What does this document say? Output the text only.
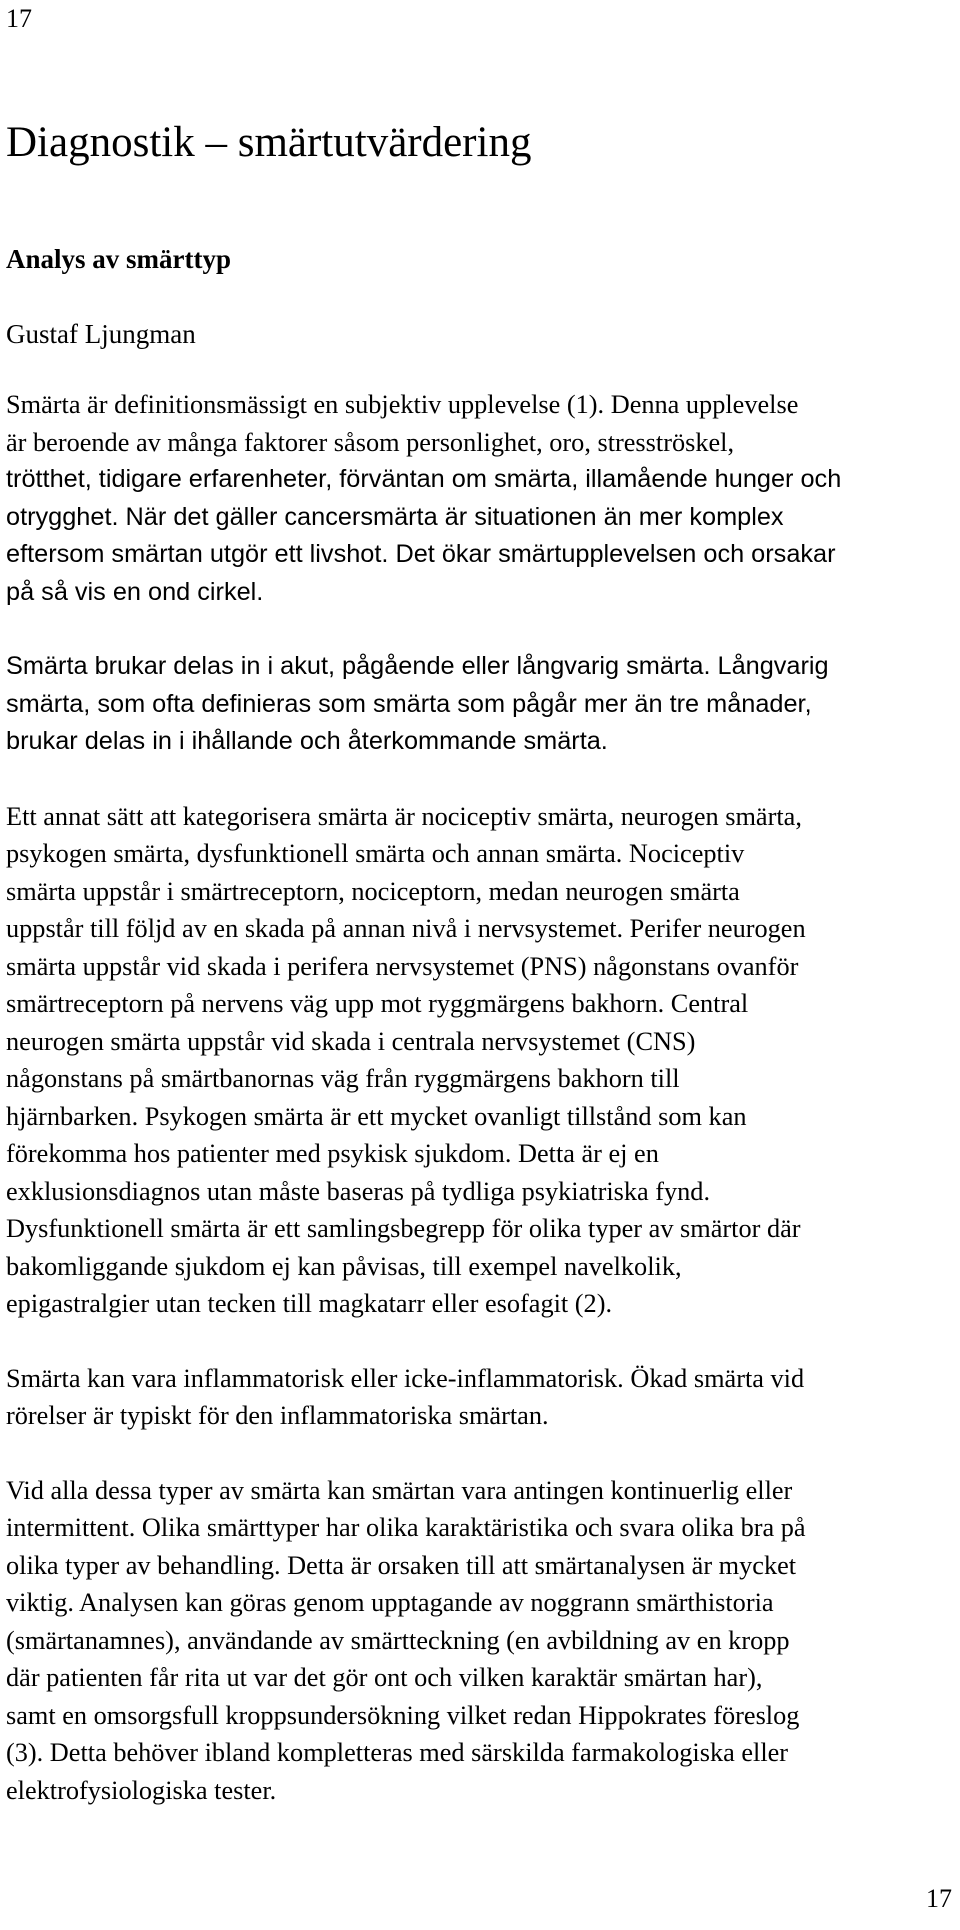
17
Diagnostik – smärtutvärdering
Analys av smärttyp
Gustaf Ljungman

Smärta är definitionsmässigt en subjektiv upplevelse (1). Denna upplevelse
är beroende av många faktorer såsom personlighet, oro, stresströskel,
trötthet, tidigare erfarenheter, förväntan om smärta, illamående hunger och
otrygghet. När det gäller cancersmärta är situationen än mer komplex
eftersom smärtan utgör ett livshot. Det ökar smärtupplevelsen och orsakar
på så vis en ond cirkel.

Smärta brukar delas in i akut, pågående eller långvarig smärta. Långvarig
smärta, som ofta definieras som smärta som pågår mer än tre månader,
brukar delas in i ihållande och återkommande smärta.

Ett annat sätt att kategorisera smärta är nociceptiv smärta, neurogen smärta,
psykogen smärta, dysfunktionell smärta och annan smärta. Nociceptiv
smärta uppstår i smärtreceptorn, nociceptorn, medan neurogen smärta
uppstår till följd av en skada på annan nivå i nervsystemet. Perifer neurogen
smärta uppstår vid skada i perifera nervsystemet (PNS) någonstans ovanför
smärtreceptorn på nervens väg upp mot ryggmärgens bakhorn. Central
neurogen smärta uppstår vid skada i centrala nervsystemet (CNS)
någonstans på smärtbanornas väg från ryggmärgens bakhorn till
hjärnbarken. Psykogen smärta är ett mycket ovanligt tillstånd som kan
förekomma hos patienter med psykisk sjukdom. Detta är ej en
exklusionsdiagnos utan måste baseras på tydliga psykiatriska fynd.
Dysfunktionell smärta är ett samlingsbegrepp för olika typer av smärtor där
bakomliggande sjukdom ej kan påvisas, till exempel navelkolik,
epigastralgier utan tecken till magkatarr eller esofagit (2).

Smärta kan vara inflammatorisk eller icke-inflammatorisk. Ökad smärta vid
rörelser är typiskt för den inflammatoriska smärtan.

Vid alla dessa typer av smärta kan smärtan vara antingen kontinuerlig eller
intermittent. Olika smärttyper har olika karaktäristika och svara olika bra på
olika typer av behandling. Detta är orsaken till att smärtanalysen är mycket
viktig. Analysen kan göras genom upptagande av noggrann smärthistoria
(smärtanamnes), användande av smärtteckning (en avbildning av en kropp
där patienten får rita ut var det gör ont och vilken karaktär smärtan har),
samt en omsorgsfull kroppsundersökning vilket redan Hippokrates föreslog
(3). Detta behöver ibland kompletteras med särskilda farmakologiska eller
elektrofysiologiska tester.

17
